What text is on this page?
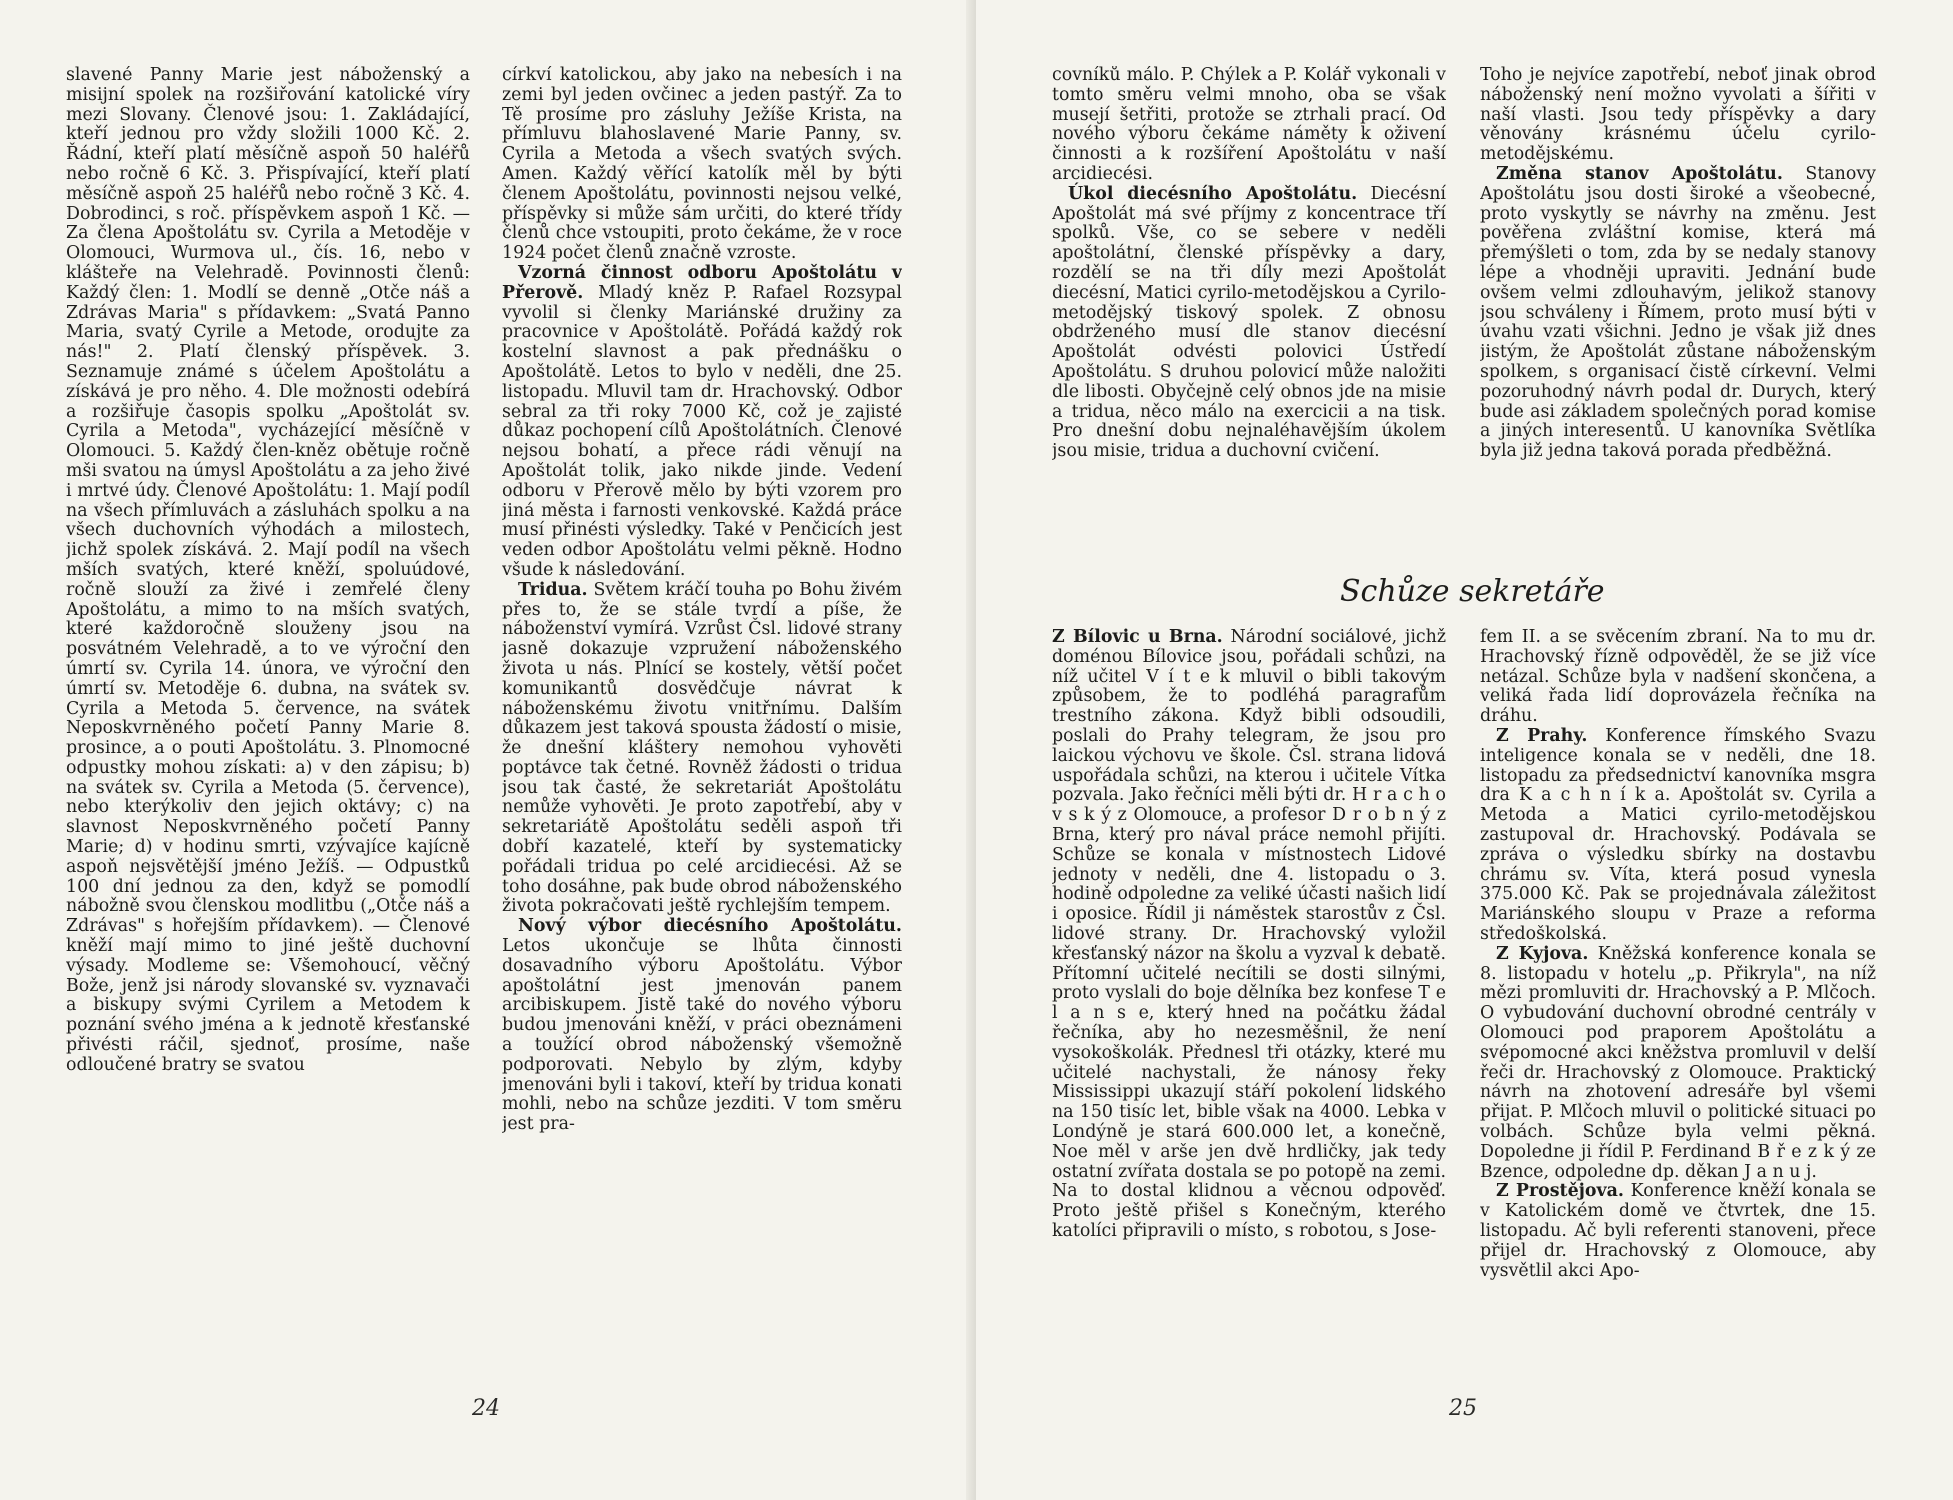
slavené Panny Marie jest náboženský a misijní spolek na rozšiřování katolické víry mezi Slovany. Členové jsou: 1. Zakládající, kteří jednou pro vždy složili 1000 Kč. 2. Řádní, kteří platí měsíčně aspoň 50 haléřů nebo ročně 6 Kč. 3. Přispívající, kteří platí měsíčně aspoň 25 haléřů nebo ročně 3 Kč. 4. Dobrodinci, s roč. příspěvkem aspoň 1 Kč. — Za člena Apoštolátu sv. Cyrila a Metoděje v Olomouci, Wurmova ul., čís. 16, nebo v klášteře na Velehradě. Povinnosti členů: Každý člen: 1. Modlí se denně „Otče náš a Zdrávas Maria" s přídavkem: „Svatá Panno Maria, svatý Cyrile a Metode, orodujte za nás!" 2. Platí členský příspěvek. 3. Seznamuje známé s účelem Apoštolátu a získává je pro něho. 4. Dle možnosti odebírá a rozšiřuje časopis spolku „Apoštolát sv. Cyrila a Metoda", vycházející měsíčně v Olomouci. 5. Každý člen-kněz obětuje ročně mši svatou na úmysl Apoštolátu a za jeho živé i mrtvé údy. Členové Apoštolátu: 1. Mají podíl na všech přímluvách a zásluhách spolku a na všech duchovních výhodách a milostech, jichž spolek získává. 2. Mají podíl na všech mších svatých, které kněží, spoluúdové, ročně slouží za živé i zemřelé členy Apoštolátu, a mimo to na mších svatých, které každoročně slouženy jsou na posvátném Velehradě, a to ve výroční den úmrtí sv. Cyrila 14. února, ve výroční den úmrtí sv. Metoděje 6. dubna, na svátek sv. Cyrila a Metoda 5. července, na svátek Neposkvrněného početí Panny Marie 8. prosince, a o pouti Apoštolátu. 3. Plnomocné odpustky mohou získati: a) v den zápisu; b) na svátek sv. Cyrila a Metoda (5. července), nebo kterýkoliv den jejich oktávy; c) na slavnost Neposkvrněného početí Panny Marie; d) v hodinu smrti, vzývajíce kajícně aspoň nejsvětější jméno Ježíš. — Odpustků 100 dní jednou za den, když se pomodlí nábožně svou členskou modlitbu („Otče náš a Zdrávas" s hořejším přídavkem). — Členové kněží mají mimo to jiné ještě duchovní výsady. Modleme se: Všemohoucí, věčný Bože, jenž jsi národy slovanské sv. vyznavači a biskupy svými Cyrilem a Metodem k poznání svého jména a k jednotě křesťanské přivésti ráčil, sjednoť, prosíme, naše odloučené bratry se svatou

církví katolickou, aby jako na nebesích i na zemi byl jeden ovčinec a jeden pastýř. Za to Tě prosíme pro zásluhy Ježíše Krista, na přímluvu blahoslavené Marie Panny, sv. Cyrila a Metoda a všech svatých svých. Amen. Každý věřící katolík měl by býti členem Apoštolátu, povinnosti nejsou velké, příspěvky si může sám určiti, do které třídy členů chce vstoupiti, proto čekáme, že v roce 1924 počet členů značně vzroste.

Vzorná činnost odboru Apoštolátu v Přerově. Mladý kněz P. Rafael Rozsypal vyvolil si členky Mariánské družiny za pracovnice v Apoštolátě. Pořádá každý rok kostelní slavnost a pak přednášku o Apoštolátě. Letos to bylo v neděli, dne 25. listopadu. Mluvil tam dr. Hrachovský. Odbor sebral za tři roky 7000 Kč, což je zajisté důkaz pochopení cílů Apoštolátních. Členové nejsou bohatí, a přece rádi věnují na Apoštolát tolik, jako nikde jinde. Vedení odboru v Přerově mělo by býti vzorem pro jiná města i farnosti venkovské. Každá práce musí přinésti výsledky. Také v Penčicích jest veden odbor Apoštolátu velmi pěkně. Hodno všude k následování.

Tridua. Světem kráčí touha po Bohu živém přes to, že se stále tvrdí a píše, že náboženství vymírá. Vzrůst Čsl. lidové strany jasně dokazuje vzpružení náboženského života u nás. Plnící se kostely, větší počet komunikantů dosvědčuje návrat k náboženskému životu vnitřnímu. Dalším důkazem jest taková spousta žádostí o misie, že dnešní kláštery nemohou vyhověti poptávce tak četné. Rovněž žádosti o tridua jsou tak časté, že sekretariát Apoštolátu nemůže vyhověti. Je proto zapotřebí, aby v sekretariátě Apoštolátu seděli aspoň tři dobří kazatelé, kteří by systematicky pořádali tridua po celé arcidiecési. Až se toho dosáhne, pak bude obrod náboženského života pokračovati ještě rychlejším tempem.

Nový výbor diecésního Apoštolátu. Letos ukončuje se lhůta činnosti dosavadního výboru Apoštolátu. Výbor apoštolátní jest jmenován panem arcibiskupem. Jistě také do nového výboru budou jmenováni kněží, v práci obeznámeni a toužící obrod náboženský všemožně podporovati. Nebylo by zlým, kdyby jmenováni byli i takoví, kteří by tridua konati mohli, nebo na schůze jezditi. V tom směru jest pra-

24

covníků málo. P. Chýlek a P. Kolář vykonali v tomto směru velmi mnoho, oba se však musejí šetřiti, protože se ztrhali prací. Od nového výboru čekáme náměty k oživení činnosti a k rozšíření Apoštolátu v naší arcidiecési.

Úkol diecésního Apoštolátu. Diecésní Apoštolát má své příjmy z koncentrace tří spolků. Vše, co se sebere v neděli apoštolátní, členské příspěvky a dary, rozdělí se na tři díly mezi Apoštolát diecésní, Matici cyrilo-metodějskou a Cyrilo-metodějský tiskový spolek. Z obnosu obdrženého musí dle stanov diecésní Apoštolát odvésti polovici Ústředí Apoštolátu. S druhou polovicí může naložiti dle libosti. Obyčejně celý obnos jde na misie a tridua, něco málo na exercicii a na tisk. Pro dnešní dobu nejnaléhavějším úkolem jsou misie, tridua a duchovní cvičení.

Toho je nejvíce zapotřebí, neboť jinak obrod náboženský není možno vyvolati a šířiti v naší vlasti. Jsou tedy příspěvky a dary věnovány krásnému účelu cyrilo-metodějskému.

Změna stanov Apoštolátu. Stanovy Apoštolátu jsou dosti široké a všeobecné, proto vyskytly se návrhy na změnu. Jest pověřena zvláštní komise, která má přemýšleti o tom, zda by se nedaly stanovy lépe a vhodněji upraviti. Jednání bude ovšem velmi zdlouhavým, jelikož stanovy jsou schváleny i Římem, proto musí býti v úvahu vzati všichni. Jedno je však již dnes jistým, že Apoštolát zůstane náboženským spolkem, s organisací čistě církevní. Velmi pozoruhodný návrh podal dr. Durych, který bude asi základem společných porad komise a jiných interesentů. U kanovníka Světlíka byla již jedna taková porada předběžná.

Schůze sekretáře

Z Bílovic u Brna. Národní sociálové, jichž doménou Bílovice jsou, pořádali schůzi, na níž učitel V í t e k mluvil o bibli takovým způsobem, že to podléhá paragrafům trestního zákona. Když bibli odsoudili, poslali do Prahy telegram, že jsou pro laickou výchovu ve škole. Čsl. strana lidová uspořádala schůzi, na kterou i učitele Vítka pozvala. Jako řečníci měli býti dr. H r a c h o v s k ý z Olomouce, a profesor D r o b n ý z Brna, který pro nával práce nemohl přijíti. Schůze se konala v místnostech Lidové jednoty v neděli, dne 4. listopadu o 3. hodině odpoledne za veliké účasti našich lidí i oposice. Řídil ji náměstek starostův z Čsl. lidové strany. Dr. Hrachovský vyložil křesťanský názor na školu a vyzval k debatě. Přítomní učitelé necítili se dosti silnými, proto vyslali do boje dělníka bez konfese T e l a n s e, který hned na počátku žádal řečníka, aby ho nezesměšnil, že není vysokoškolák. Přednesl tři otázky, které mu učitelé nachystali, že nánosy řeky Mississippi ukazují stáří pokolení lidského na 150 tisíc let, bible však na 4000. Lebka v Londýně je stará 600.000 let, a konečně, Noe měl v arše jen dvě hrdličky, jak tedy ostatní zvířata dostala se po potopě na zemi. Na to dostal klidnou a věcnou odpověď. Proto ještě přišel s Konečným, kterého katolíci připravili o místo, s robotou, s Jose-

fem II. a se svěcením zbraní. Na to mu dr. Hrachovský řízně odpověděl, že se již více netázal. Schůze byla v nadšení skončena, a veliká řada lidí doprovázela řečníka na dráhu.

Z Prahy. Konference římského Svazu inteligence konala se v neděli, dne 18. listopadu za předsednictví kanovníka msgra dra K a c h n í k a. Apoštolát sv. Cyrila a Metoda a Matici cyrilo-metodějskou zastupoval dr. Hrachovský. Podávala se zpráva o výsledku sbírky na dostavbu chrámu sv. Víta, která posud vynesla 375.000 Kč. Pak se projednávala záležitost Mariánského sloupu v Praze a reforma středoškolská.

Z Kyjova. Kněžská konference konala se 8. listopadu v hotelu „p. Přikryla", na níž mězi promluviti dr. Hrachovský a P. Mlčoch. O vybudování duchovní obrodné centrály v Olomouci pod praporem Apoštolátu a svépomocné akci kněžstva promluvil v delší řeči dr. Hrachovský z Olomouce. Praktický návrh na zhotovení adresáře byl všemi přijat. P. Mlčoch mluvil o politické situaci po volbách. Schůze byla velmi pěkná. Dopoledne ji řídil P. Ferdinand B ř e z k ý ze Bzence, odpoledne dp. děkan J a n u j.

Z Prostějova. Konference kněží konala se v Katolickém domě ve čtvrtek, dne 15. listopadu. Ač byli referenti stanoveni, přece přijel dr. Hrachovský z Olomouce, aby vysvětlil akci Apo-

25
